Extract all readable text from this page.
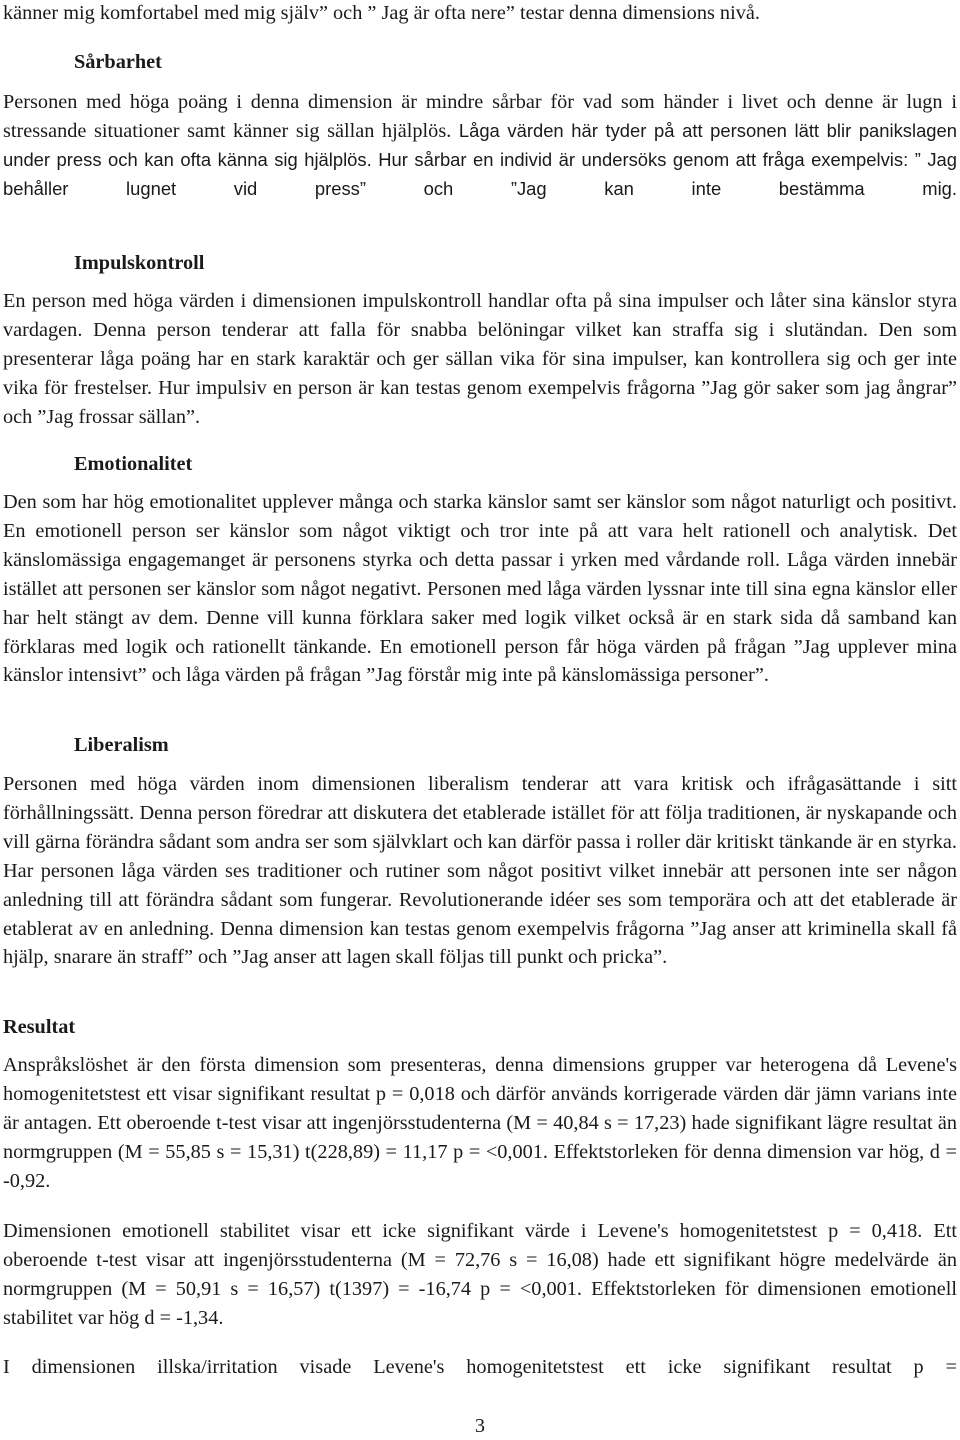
känner mig komfortabel med mig själv” och ” Jag är ofta nere” testar denna dimensions nivå.
Sårbarhet
Personen med höga poäng i denna dimension är mindre sårbar för vad som händer i livet och denne är lugn i stressande situationer samt känner sig sällan hjälplös. Låga värden här tyder på att personen lätt blir panikslagen under press och kan ofta känna sig hjälplös. Hur sårbar en individ är undersöks genom att fråga exempelvis: ” Jag behåller lugnet vid press” och ”Jag kan inte bestämma mig.
Impulskontroll
En person med höga värden i dimensionen impulskontroll handlar ofta på sina impulser och låter sina känslor styra vardagen. Denna person tenderar att falla för snabba belöningar vilket kan straffa sig i slutändan. Den som presenterar låga poäng har en stark karaktär och ger sällan vika för sina impulser, kan kontrollera sig och ger inte vika för frestelser. Hur impulsiv en person är kan testas genom exempelvis frågorna ”Jag gör saker som jag ångrar” och ”Jag frossar sällan”.
Emotionalitet
Den som har hög emotionalitet upplever många och starka känslor samt ser känslor som något naturligt och positivt. En emotionell person ser känslor som något viktigt och tror inte på att vara helt rationell och analytisk. Det känslomässiga engagemanget är personens styrka och detta passar i yrken med vårdande roll. Låga värden innebär istället att personen ser känslor som något negativt. Personen med låga värden lyssnar inte till sina egna känslor eller har helt stängt av dem. Denne vill kunna förklara saker med logik vilket också är en stark sida då samband kan förklaras med logik och rationellt tänkande. En emotionell person får höga värden på frågan ”Jag upplever mina känslor intensivt” och låga värden på frågan ”Jag förstår mig inte på känslomässiga personer”.
Liberalism
Personen med höga värden inom dimensionen liberalism tenderar att vara kritisk och ifrågasättande i sitt förhållningssätt. Denna person föredrar att diskutera det etablerade istället för att följa traditionen, är nyskapande och vill gärna förändra sådant som andra ser som självklart och kan därför passa i roller där kritiskt tänkande är en styrka. Har personen låga värden ses traditioner och rutiner som något positivt vilket innebär att personen inte ser någon anledning till att förändra sådant som fungerar. Revolutionerande idéer ses som temporära och att det etablerade är etablerat av en anledning. Denna dimension kan testas genom exempelvis frågorna ”Jag anser att kriminella skall få hjälp, snarare än straff” och ”Jag anser att lagen skall följas till punkt och pricka”.
Resultat
Anspråkslöshet är den första dimension som presenteras, denna dimensions grupper var heterogena då Levene's homogenitetstest ett visar signifikant resultat p = 0,018 och därför används korrigerade värden där jämn varians inte är antagen. Ett oberoende t-test visar att ingenjörsstudenterna (M = 40,84 s = 17,23) hade signifikant lägre resultat än normgruppen (M = 55,85 s = 15,31) t(228,89) = 11,17 p = <0,001. Effektstorleken för denna dimension var hög, d = -0,92.
Dimensionen emotionell stabilitet visar ett icke signifikant värde i Levene's homogenitetstest p = 0,418. Ett oberoende t-test visar att ingenjörsstudenterna (M = 72,76 s = 16,08) hade ett signifikant högre medelvärde än normgruppen (M = 50,91 s = 16,57) t(1397) = -16,74 p = <0,001. Effektstorleken för dimensionen emotionell stabilitet var hög d = -1,34.
I dimensionen illska/irritation visade Levene's homogenitetstest ett icke signifikant resultat p =
3
